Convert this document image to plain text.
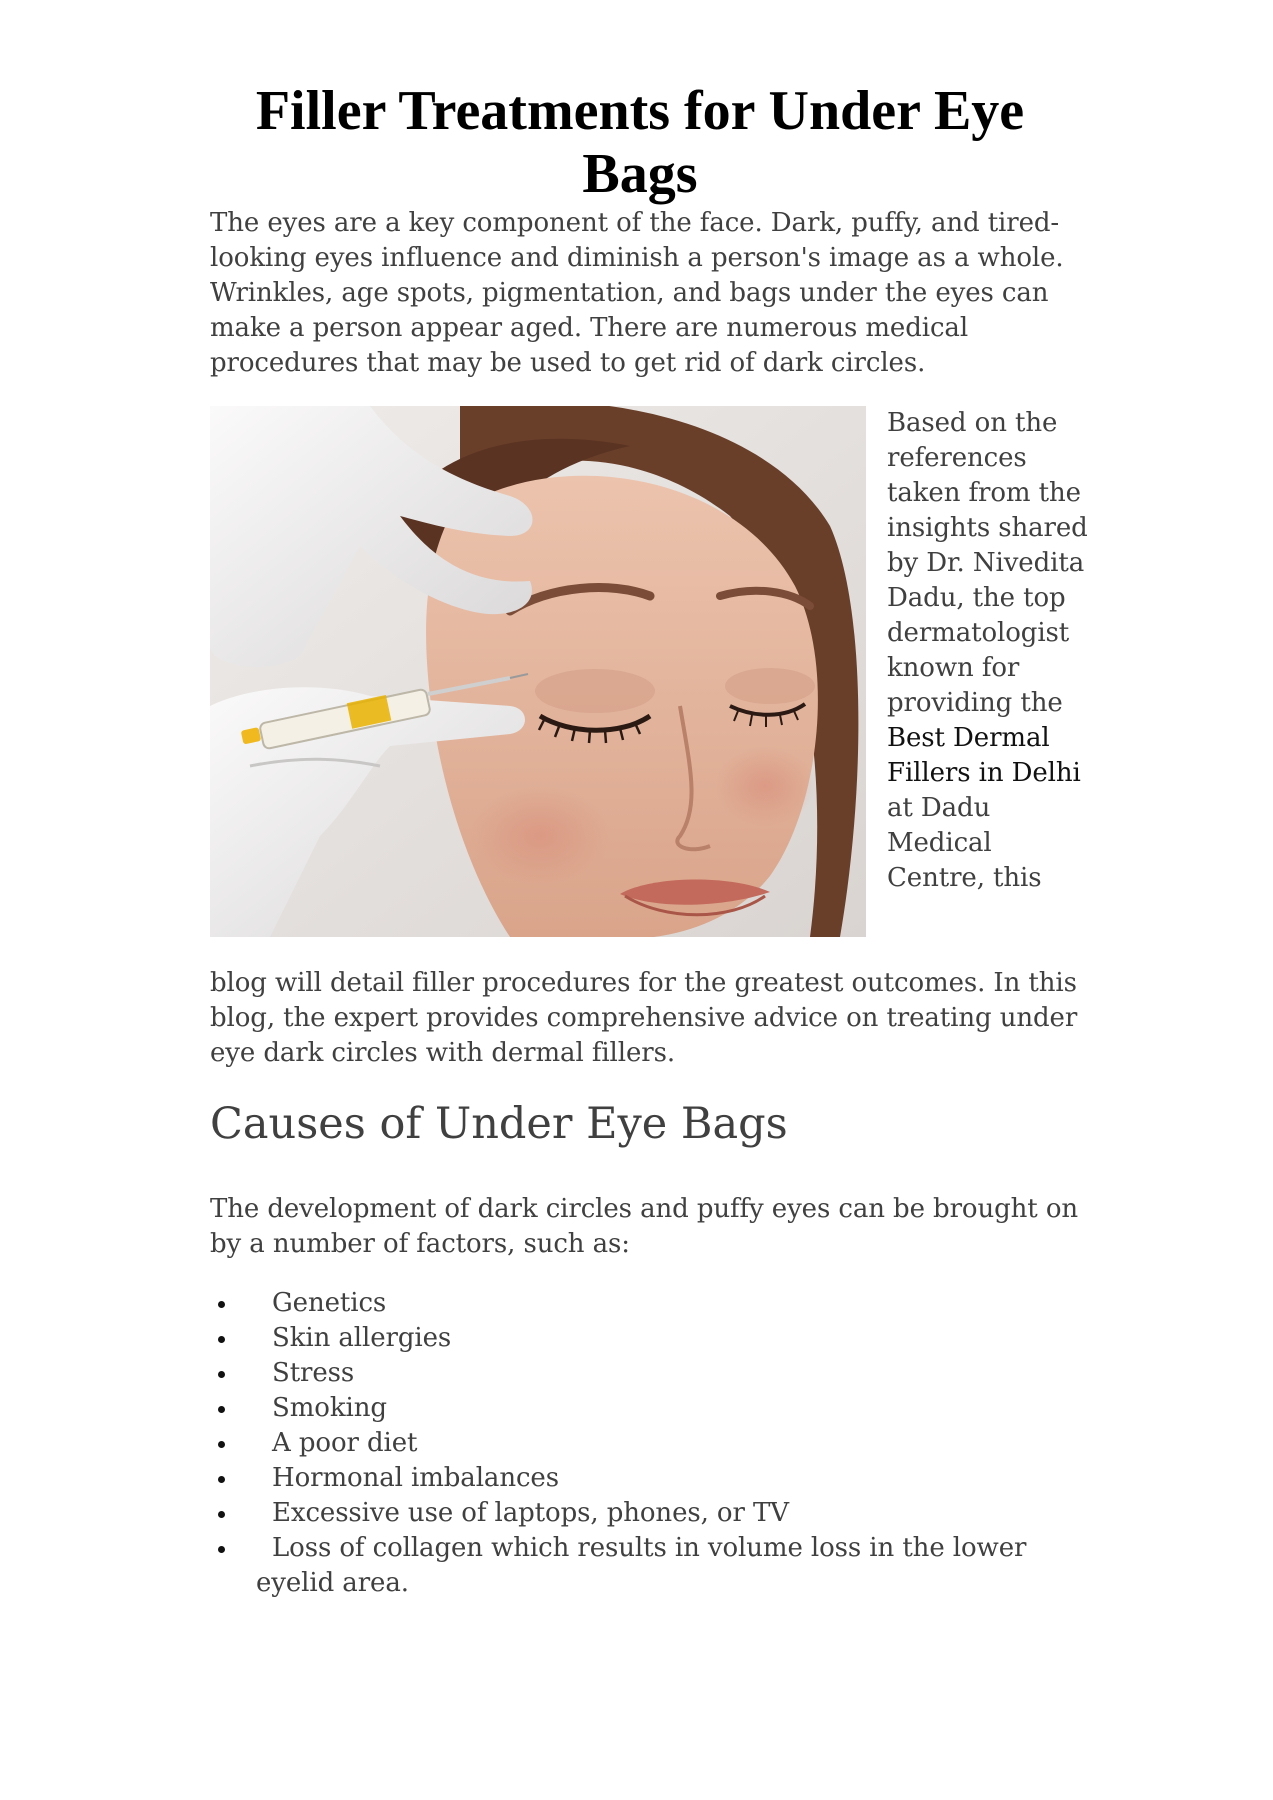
Filler Treatments for Under Eye Bags

The eyes are a key component of the face. Dark, puffy, and tired-looking eyes influence and diminish a person's image as a whole. Wrinkles, age spots, pigmentation, and bags under the eyes can make a person appear aged. There are numerous medical procedures that may be used to get rid of dark circles.

Based on the references taken from the insights shared by Dr. Nivedita Dadu, the top dermatologist known for providing the Best Dermal Fillers in Delhi at Dadu Medical Centre, this

blog will detail filler procedures for the greatest outcomes. In this blog, the expert provides comprehensive advice on treating under eye dark circles with dermal fillers.

Causes of Under Eye Bags

The development of dark circles and puffy eyes can be brought on by a number of factors, such as:

Genetics
Skin allergies
Stress
Smoking
A poor diet
Hormonal imbalances
Excessive use of laptops, phones, or TV
Loss of collagen which results in volume loss in the lower eyelid area.
